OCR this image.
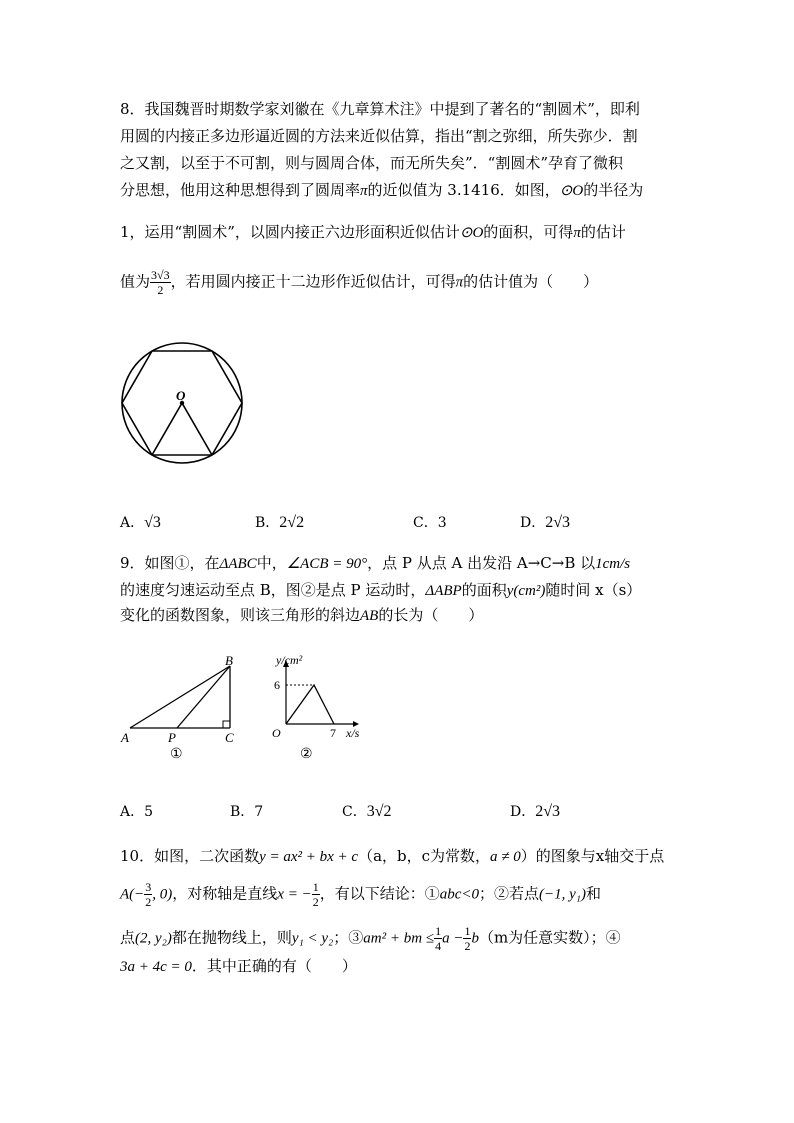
8．我国魏晋时期数学家刘徽在《九章算术注》中提到了著名的“割圆术”，即利
用圆的内接正多边形逼近圆的方法来近似估算，指出“割之弥细，所失弥少．割
之又割，以至于不可割，则与圆周合体，而无所失矣”．“割圆术”孕育了微积
分思想，他用这种思想得到了圆周率π的近似值为 3.1416．如图，⊙O的半径为
1，运用“割圆术”，以圆内接正六边形面积近似估计⊙O的面积，可得π的估计
值为 $\frac{3√3}{2}$ ，若用圆内接正十二边形作近似估计，可得π的估计值为（　　）
O
A．√3	B．2√2	C．3	D．2√3
9．如图①，在ΔABC中，∠ACB = 90°，点 P 从点 A 出发沿 A→C→B 以1cm/s
的速度匀速运动至点 B，图②是点 P 运动时，ΔABP的面积y(cm²)随时间 x（s）
变化的函数图象，则该三角形的斜边AB的长为（　　）
B
A	P	C
①
y/cm²
6
O	7 x/s
②
A．5	B．7	C．3√2	D．2√3
10．如图，二次函数y = ax² + bx + c（a，b，c为常数，a ≠ 0）的图象与x轴交于点
$A(- \frac{3}{2}$ , 0)，对称轴是直线x = − $\frac{1}{2}$ ，有以下结论：①abc<0；②若点(−1, y₁)和
点(2, y₂)都在抛物线上，则y₁ < y₂；③am² + bm ≤ $\frac{1}{4}$ $a - \frac{1}{2} b(m$为任意实数）；④
3a + 4c = 0．其中正确的有（　　）
